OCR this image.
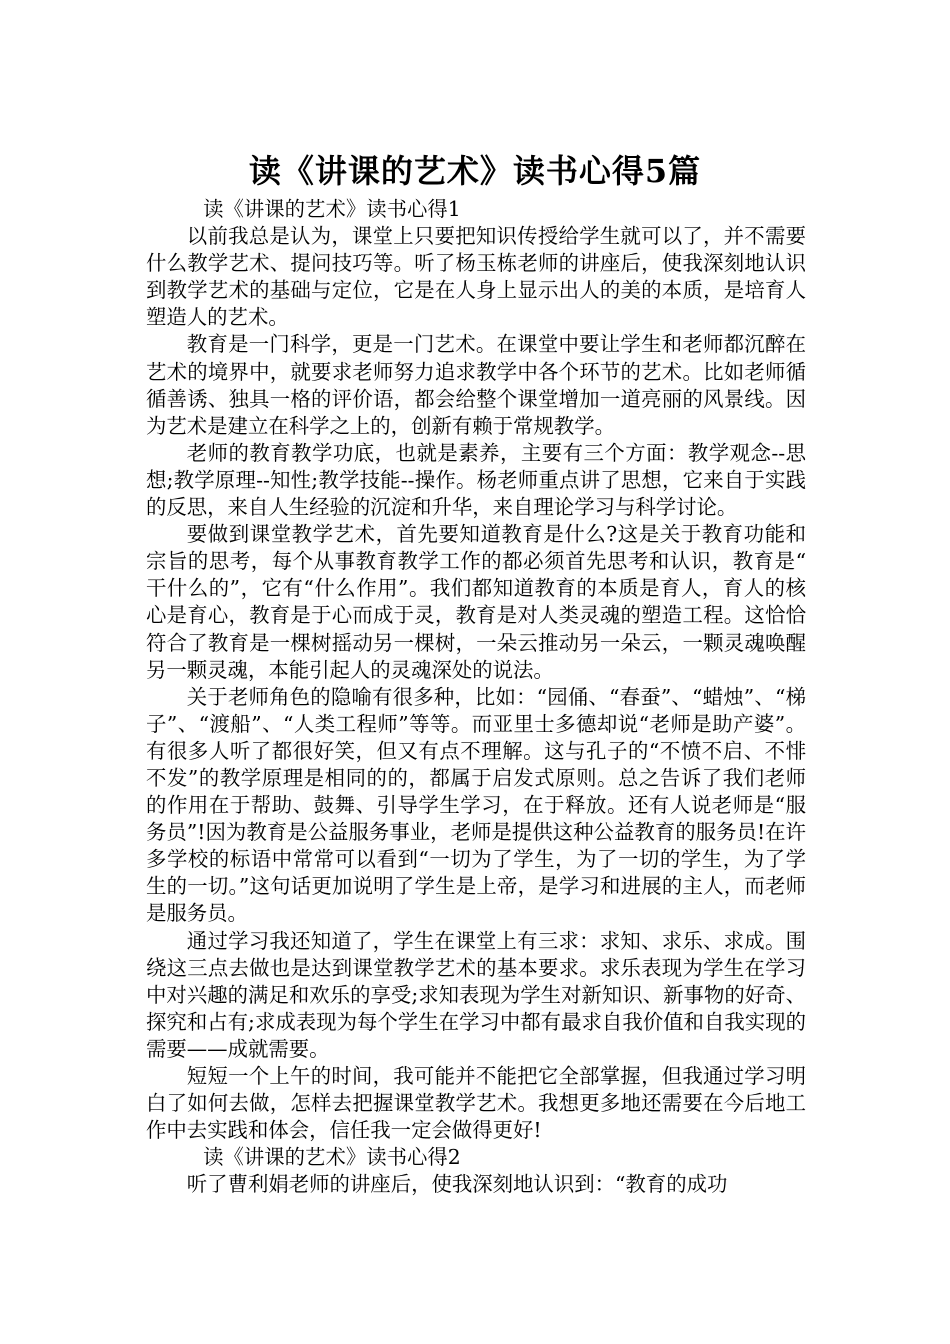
读《讲课的艺术》读书心得5篇

读《讲课的艺术》读书心得1

以前我总是认为，课堂上只要把知识传授给学生就可以了，并不需要什么教学艺术、提问技巧等。听了杨玉栋老师的讲座后，使我深刻地认识到教学艺术的基础与定位，它是在人身上显示出人的美的本质，是培育人塑造人的艺术。

教育是一门科学，更是一门艺术。在课堂中要让学生和老师都沉醉在艺术的境界中，就要求老师努力追求教学中各个环节的艺术。比如老师循循善诱、独具一格的评价语，都会给整个课堂增加一道亮丽的风景线。因为艺术是建立在科学之上的，创新有赖于常规教学。

老师的教育教学功底，也就是素养，主要有三个方面：教学观念--思想;教学原理--知性;教学技能--操作。杨老师重点讲了思想，它来自于实践的反思，来自人生经验的沉淀和升华，来自理论学习与科学讨论。

要做到课堂教学艺术，首先要知道教育是什么?这是关于教育功能和宗旨的思考，每个从事教育教学工作的都必须首先思考和认识，教育是“干什么的”，它有“什么作用”。我们都知道教育的本质是育人，育人的核心是育心，教育是于心而成于灵，教育是对人类灵魂的塑造工程。这恰恰符合了教育是一棵树摇动另一棵树，一朵云推动另一朵云，一颗灵魂唤醒另一颗灵魂，本能引起人的灵魂深处的说法。

关于老师角色的隐喻有很多种，比如：“园俑、“春蚕”、“蜡烛”、“梯子”、“渡船”、“人类工程师”等等。而亚里士多德却说“老师是助产婆”。有很多人听了都很好笑，但又有点不理解。这与孔子的“不愤不启、不悱不发”的教学原理是相同的的，都属于启发式原则。总之告诉了我们老师的作用在于帮助、鼓舞、引导学生学习，在于释放。还有人说老师是“服务员”!因为教育是公益服务事业，老师是提供这种公益教育的服务员!在许多学校的标语中常常可以看到“一切为了学生，为了一切的学生，为了学生的一切。”这句话更加说明了学生是上帝，是学习和进展的主人，而老师是服务员。

通过学习我还知道了，学生在课堂上有三求：求知、求乐、求成。围绕这三点去做也是达到课堂教学艺术的基本要求。求乐表现为学生在学习中对兴趣的满足和欢乐的享受;求知表现为学生对新知识、新事物的好奇、探究和占有;求成表现为每个学生在学习中都有最求自我价值和自我实现的需要——成就需要。

短短一个上午的时间，我可能并不能把它全部掌握，但我通过学习明白了如何去做，怎样去把握课堂教学艺术。我想更多地还需要在今后地工作中去实践和体会，信任我一定会做得更好!

读《讲课的艺术》读书心得2

听了曹利娟老师的讲座后，使我深刻地认识到：“教育的成功
